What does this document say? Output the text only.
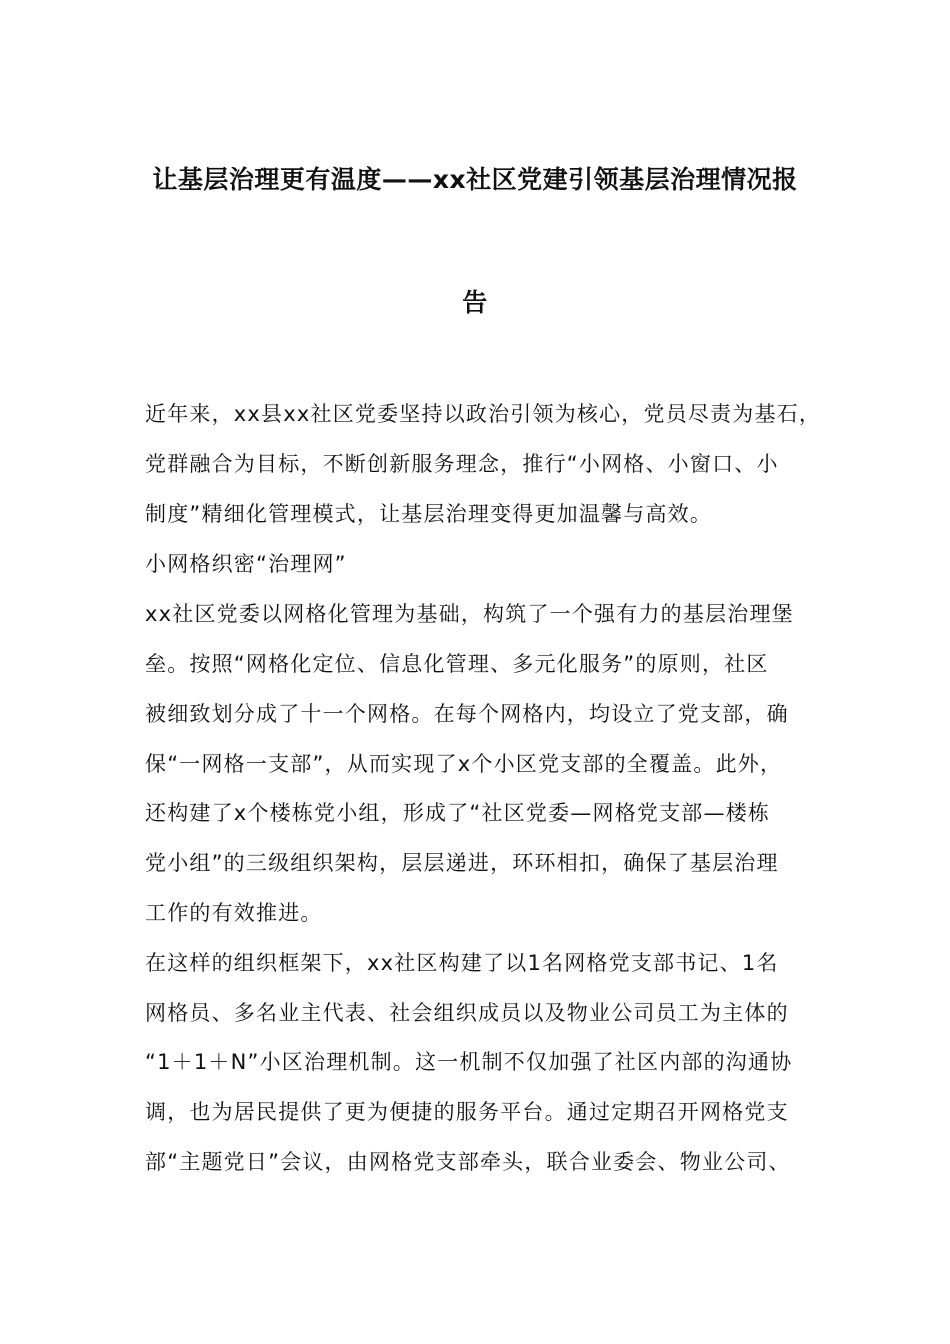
让基层治理更有温度——xx社区党建引领基层治理情况报
告
近年来，xx县xx社区党委坚持以政治引领为核心，党员尽责为基石，
党群融合为目标，不断创新服务理念，推行“小网格、小窗口、小
制度”精细化管理模式，让基层治理变得更加温馨与高效。
小网格织密“治理网”
xx社区党委以网格化管理为基础，构筑了一个强有力的基层治理堡
垒。按照“网格化定位、信息化管理、多元化服务”的原则，社区
被细致划分成了十一个网格。在每个网格内，均设立了党支部，确
保“一网格一支部”，从而实现了x个小区党支部的全覆盖。此外，
还构建了x个楼栋党小组，形成了“社区党委—网格党支部—楼栋
党小组”的三级组织架构，层层递进，环环相扣，确保了基层治理
工作的有效推进。
在这样的组织框架下，xx社区构建了以1名网格党支部书记、1名
网格员、多名业主代表、社会组织成员以及物业公司员工为主体的
“1＋1＋N”小区治理机制。这一机制不仅加强了社区内部的沟通协
调，也为居民提供了更为便捷的服务平台。通过定期召开网格党支
部“主题党日”会议，由网格党支部牵头，联合业委会、物业公司、
